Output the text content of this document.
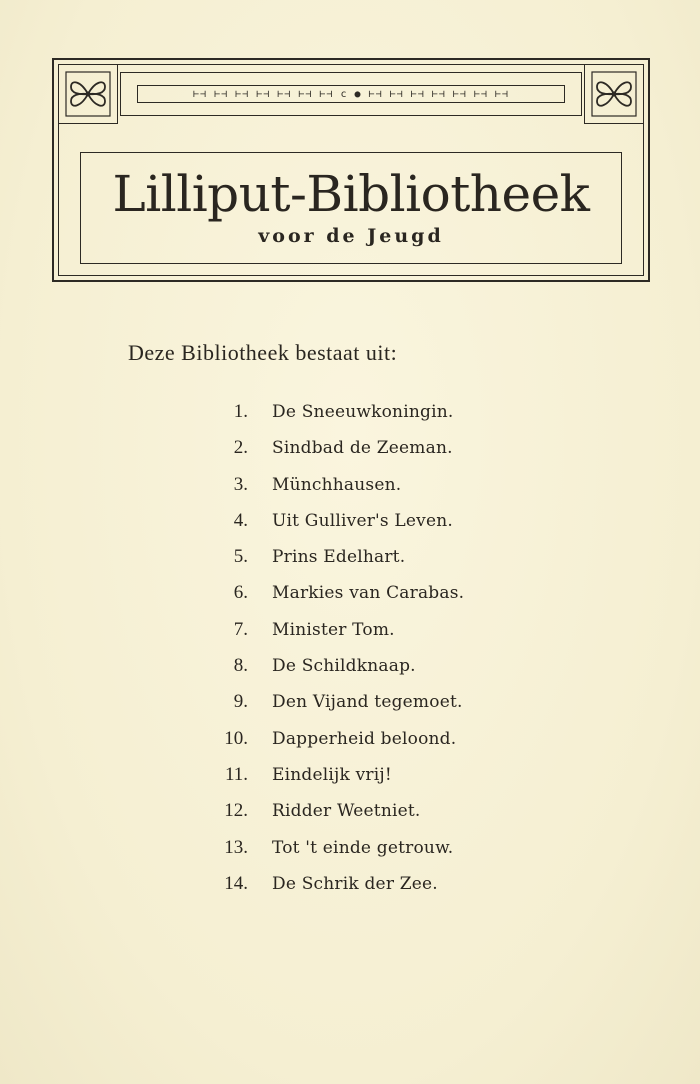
⊢⊣ ⊢⊣ ⊢⊣ ⊢⊣ ⊢⊣ ⊢⊣ ⊢⊣ c ● ⊢⊣ ⊢⊣ ⊢⊣ ⊢⊣ ⊢⊣ ⊢⊣ ⊢⊣
Lilliput-Bibliotheek
voor de Jeugd
Deze Bibliotheek bestaat uit:
1. De Sneeuwkoningin.
2. Sindbad de Zeeman.
3. Münchhausen.
4. Uit Gulliver's Leven.
5. Prins Edelhart.
6. Markies van Carabas.
7. Minister Tom.
8. De Schildknaap.
9. Den Vijand tegemoet.
10. Dapperheid beloond.
11. Eindelijk vrij!
12. Ridder Weetniet.
13. Tot 't einde getrouw.
14. De Schrik der Zee.
